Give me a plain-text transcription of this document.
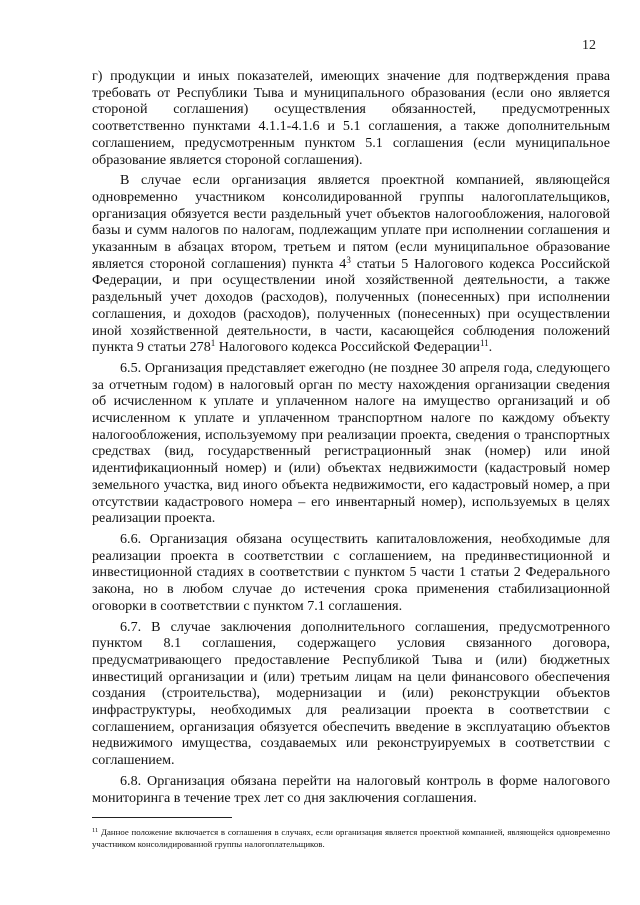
12

г) продукции и иных показателей, имеющих значение для подтверждения права требовать от Республики Тыва и муниципального образования (если оно является стороной соглашения) осуществления обязанностей, предусмотренных соответственно пунктами 4.1.1-4.1.6 и 5.1 соглашения, а также дополнительным соглашением, предусмотренным пунктом 5.1 соглашения (если муниципальное образование является стороной соглашения).

В случае если организация является проектной компанией, являющейся одновременно участником консолидированной группы налогоплательщиков, организация обязуется вести раздельный учет объектов налогообложения, налоговой базы и сумм налогов по налогам, подлежащим уплате при исполнении соглашения и указанным в абзацах втором, третьем и пятом (если муниципальное образование является стороной соглашения) пункта $4^3$ статьи 5 Налогового кодекса Российской Федерации, и при осуществлении иной хозяйственной деятельности, а также раздельный учет доходов (расходов), полученных (понесенных) при исполнении соглашения, и доходов (расходов), полученных (понесенных) при осуществлении иной хозяйственной деятельности, в части, касающейся соблюдения положений пункта 9 статьи $278^1$ Налогового кодекса Российской Федерации$^{11}$.

6.5. Организация представляет ежегодно (не позднее 30 апреля года, следующего за отчетным годом) в налоговый орган по месту нахождения организации сведения об исчисленном к уплате и уплаченном налоге на имущество организаций и об исчисленном к уплате и уплаченном транспортном налоге по каждому объекту налогообложения, используемому при реализации проекта, сведения о транспортных средствах (вид, государственный регистрационный знак (номер) или иной идентификационный номер) и (или) объектах недвижимости (кадастровый номер земельного участка, вид иного объекта недвижимости, его кадастровый номер, а при отсутствии кадастрового номера – его инвентарный номер), используемых в целях реализации проекта.

6.6. Организация обязана осуществить капиталовложения, необходимые для реализации проекта в соответствии с соглашением, на прединвестиционной и инвестиционной стадиях в соответствии с пунктом 5 части 1 статьи 2 Федерального закона, но в любом случае до истечения срока применения стабилизационной оговорки в соответствии с пунктом 7.1 соглашения.

6.7. В случае заключения дополнительного соглашения, предусмотренного пунктом 8.1 соглашения, содержащего условия связанного договора, предусматривающего предоставление Республикой Тыва и (или) бюджетных инвестиций организации и (или) третьим лицам на цели финансового обеспечения создания (строительства), модернизации и (или) реконструкции объектов инфраструктуры, необходимых для реализации проекта в соответствии с соглашением, организация обязуется обеспечить введение в эксплуатацию объектов недвижимого имущества, создаваемых или реконструируемых в соответствии с соглашением.

6.8. Организация обязана перейти на налоговый контроль в форме налогового мониторинга в течение трех лет со дня заключения соглашения.

$^{11}$ Данное положение включается в соглашения в случаях, если организация является проектной компанией, являющейся одновременно участником консолидированной группы налогоплательщиков.
